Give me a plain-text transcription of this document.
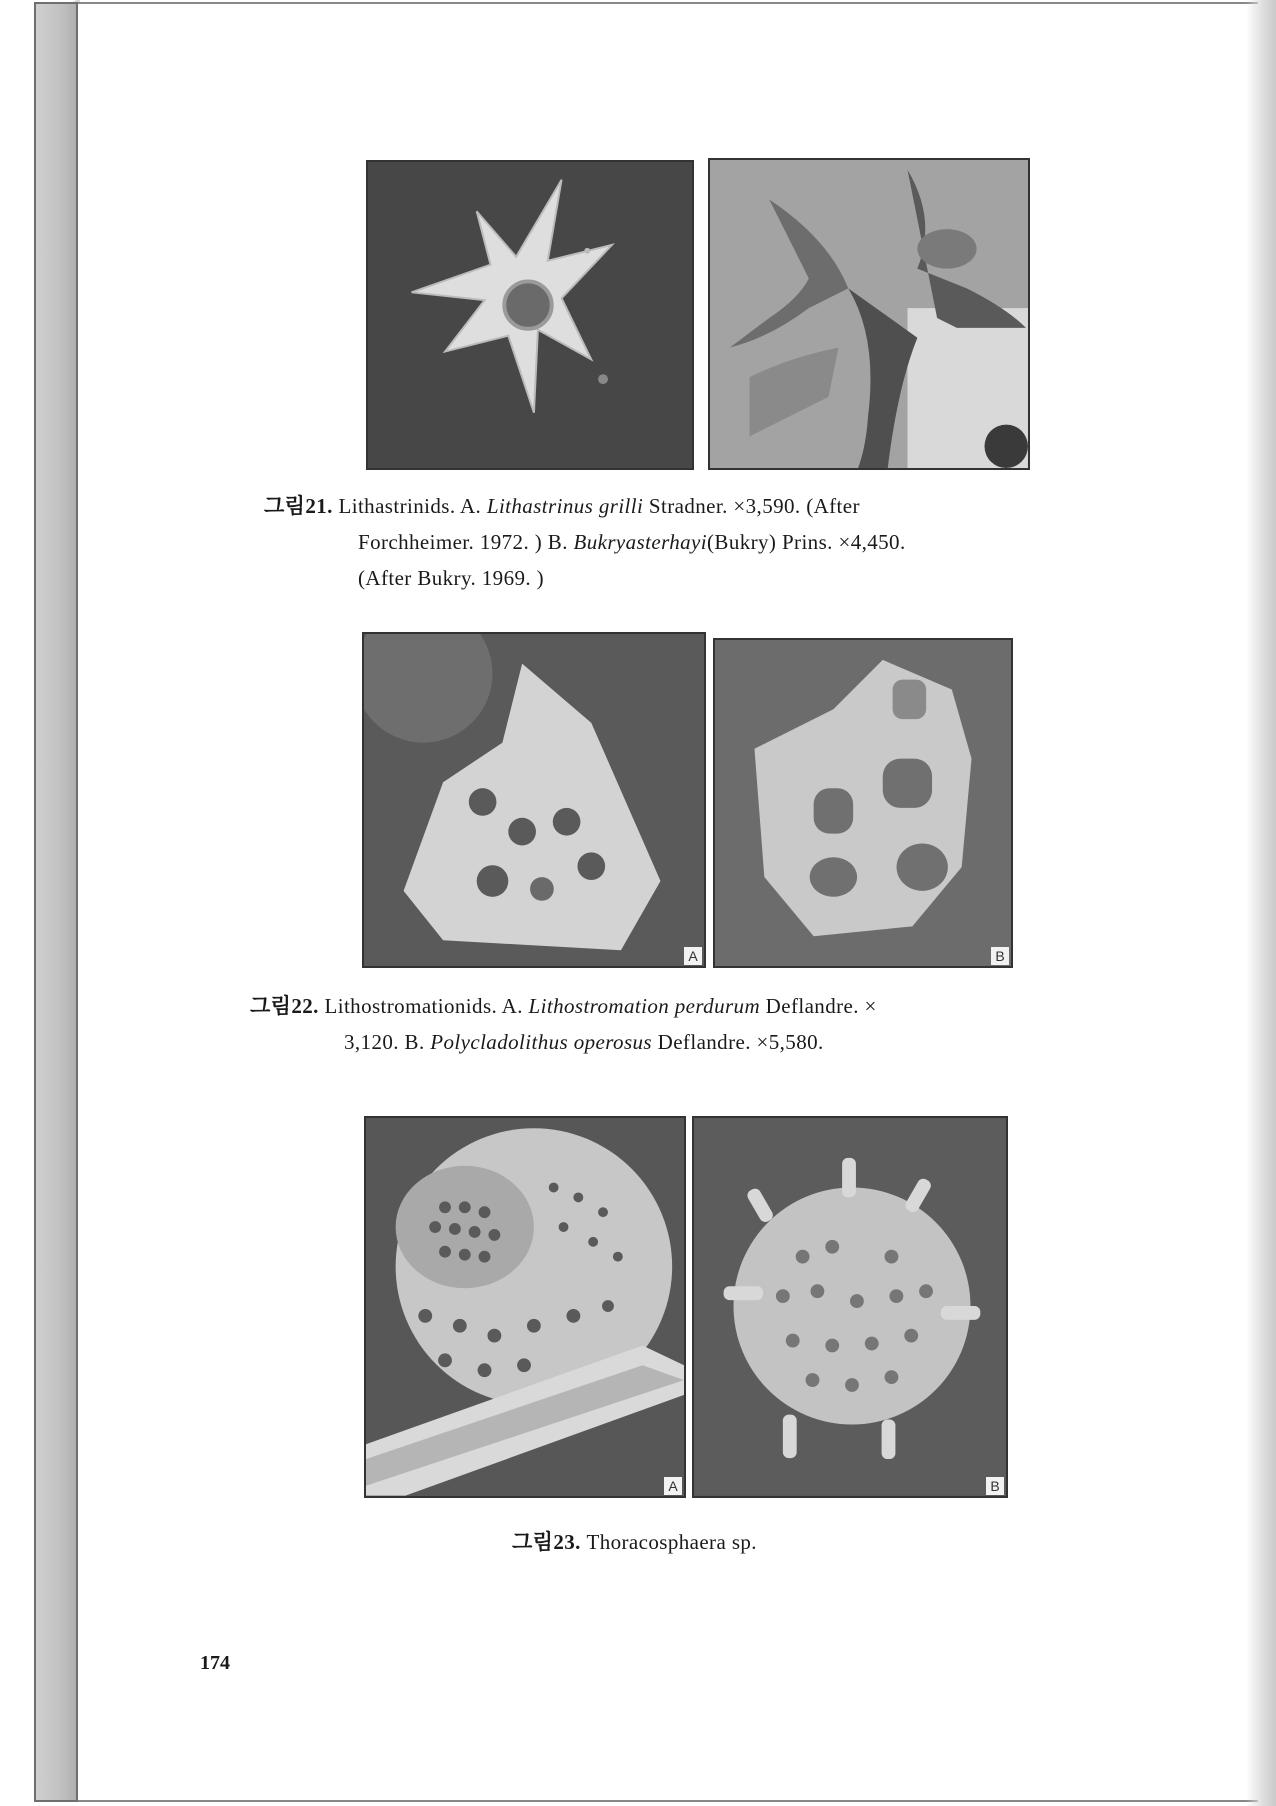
그림21. Lithastrinids. A. Lithastrinus grilli Stradner. ×3,590. (After
Forchheimer. 1972. ) B. Bukryasterhayi(Bukry) Prins. ×4,450.
(After Bukry. 1969. )
A	B
그림22. Lithostromationids. A. Lithostromation perdurum Deflandre. ×
3,120. B. Polycladolithus operosus Deflandre. ×5,580.
A	B
그림23. Thoracosphaera sp.
174
